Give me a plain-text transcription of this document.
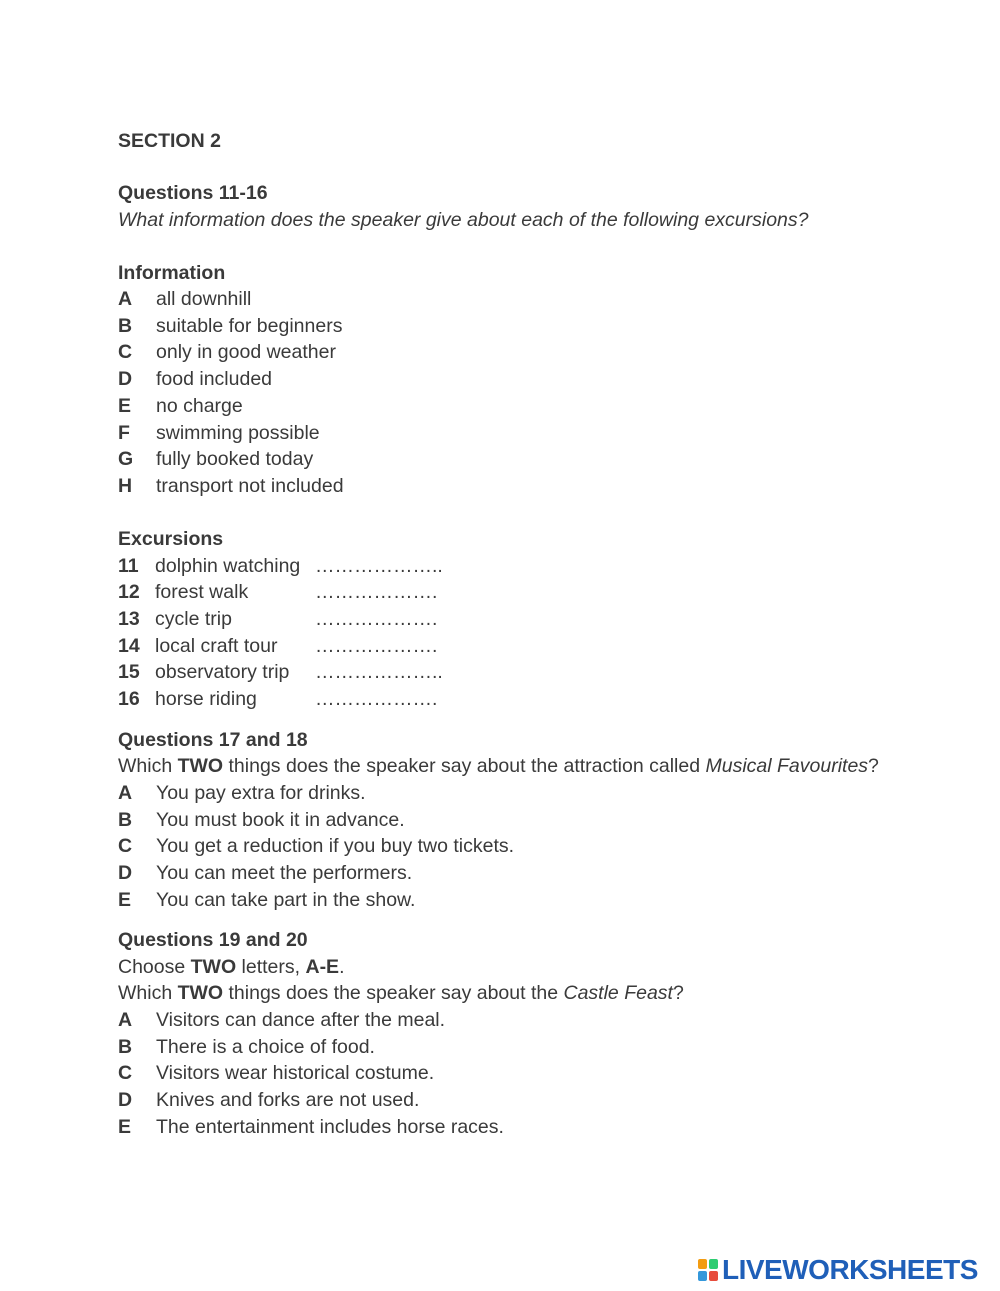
SECTION 2
Questions 11-16
What information does the speaker give about each of the following excursions?
Information
A	all downhill
B	suitable for beginners
C	only in good weather
D	food included
E	no charge
F	swimming possible
G	fully booked today
H	transport not included
Excursions
11 dolphin watching ………………..
12 forest walk	……………….
13 cycle trip	……………….
14 local craft tour	……………….
15 observatory trip	………………..
16 horse riding	……………….
Questions 17 and 18
Which TWO things does the speaker say about the attraction called Musical Favourites?
A	You pay extra for drinks.
B	You must book it in advance.
C	You get a reduction if you buy two tickets.
D	You can meet the performers.
E	You can take part in the show.
Questions 19 and 20
Choose TWO letters, A-E.
Which TWO things does the speaker say about the Castle Feast?
A	Visitors can dance after the meal.
B	There is a choice of food.
C	Visitors wear historical costume.
D	Knives and forks are not used.
E	The entertainment includes horse races.
LIVEWORKSHEETS
